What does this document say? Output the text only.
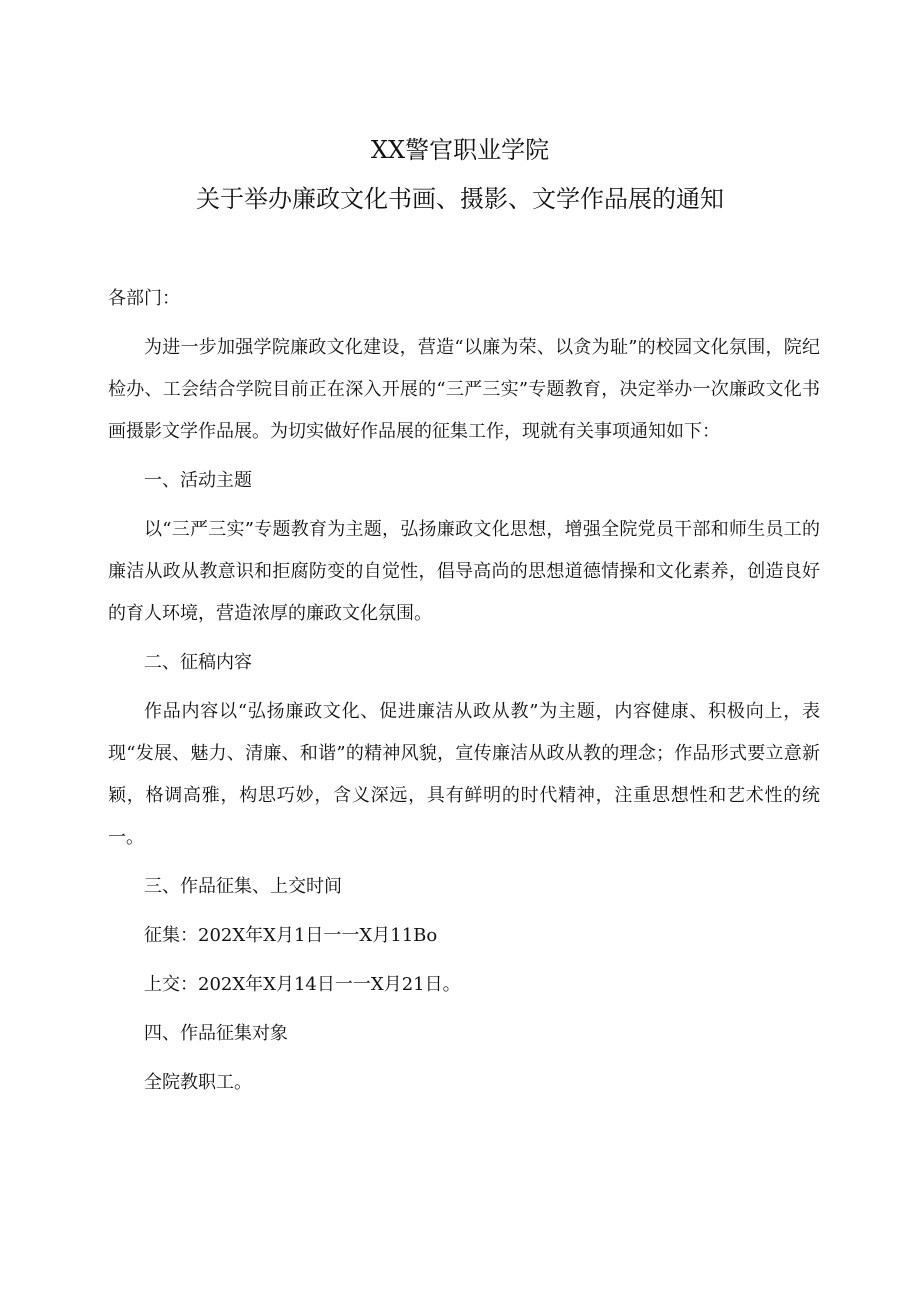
XX警官职业学院
关于举办廉政文化书画、摄影、文学作品展的通知

各部门：

为进一步加强学院廉政文化建设，营造“以廉为荣、以贪为耻”的校园文化氛围，院纪检办、工会结合学院目前正在深入开展的“三严三实”专题教育，决定举办一次廉政文化书画摄影文学作品展。为切实做好作品展的征集工作，现就有关事项通知如下：

一、活动主题

以“三严三实”专题教育为主题，弘扬廉政文化思想，增强全院党员干部和师生员工的廉洁从政从教意识和拒腐防变的自觉性，倡导高尚的思想道德情操和文化素养，创造良好的育人环境，营造浓厚的廉政文化氛围。

二、征稿内容

作品内容以“弘扬廉政文化、促进廉洁从政从教”为主题，内容健康、积极向上，表现“发展、魅力、清廉、和谐”的精神风貌，宣传廉洁从政从教的理念；作品形式要立意新颖，格调高雅，构思巧妙，含义深远，具有鲜明的时代精神，注重思想性和艺术性的统一。

三、作品征集、上交时间

征集：202X年X月1日一一X月11Bo

上交：202X年X月14日一一X月21日。

四、作品征集对象

全院教职工。
